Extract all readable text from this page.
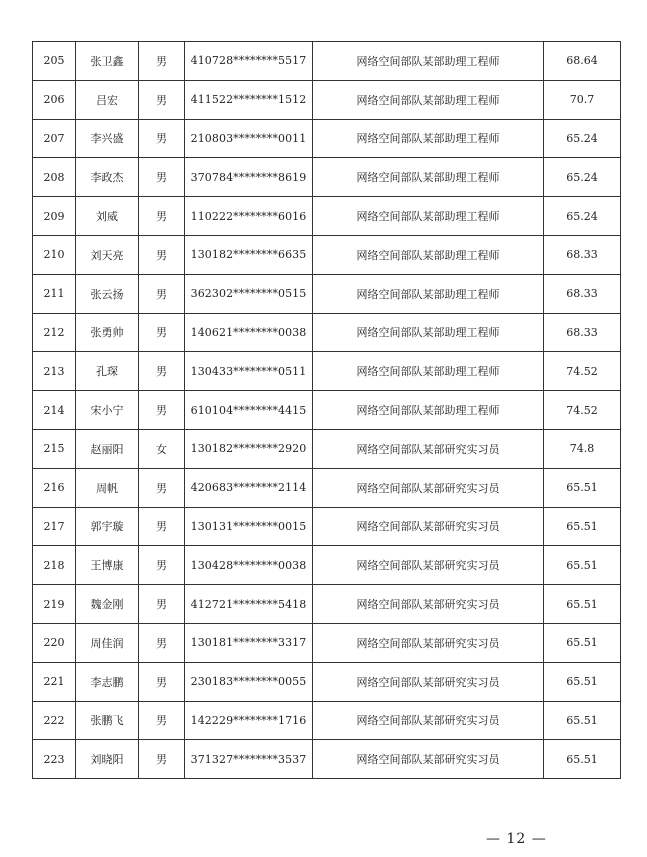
205	张卫鑫	男	410728********5517	网络空间部队某部助理工程师	68.64
206	吕宏	男	411522********1512	网络空间部队某部助理工程师	70.7
207	李兴盛	男	210803********0011	网络空间部队某部助理工程师	65.24
208	李政杰	男	370784********8619	网络空间部队某部助理工程师	65.24
209	刘威	男	110222********6016	网络空间部队某部助理工程师	65.24
210	刘天亮	男	130182********6635	网络空间部队某部助理工程师	68.33
211	张云扬	男	362302********0515	网络空间部队某部助理工程师	68.33
212	张勇帅	男	140621********0038	网络空间部队某部助理工程师	68.33
213	孔琛	男	130433********0511	网络空间部队某部助理工程师	74.52
214	宋小宁	男	610104********4415	网络空间部队某部助理工程师	74.52
215	赵丽阳	女	130182********2920	网络空间部队某部研究实习员	74.8
216	周帆	男	420683********2114	网络空间部队某部研究实习员	65.51
217	郭宇璇	男	130131********0015	网络空间部队某部研究实习员	65.51
218	王博康	男	130428********0038	网络空间部队某部研究实习员	65.51
219	魏金刚	男	412721********5418	网络空间部队某部研究实习员	65.51
220	周佳润	男	130181********3317	网络空间部队某部研究实习员	65.51
221	李志鹏	男	230183********0055	网络空间部队某部研究实习员	65.51
222	张鹏飞	男	142229********1716	网络空间部队某部研究实习员	65.51
223	刘晓阳	男	371327********3537	网络空间部队某部研究实习员	65.51
— 12 —
